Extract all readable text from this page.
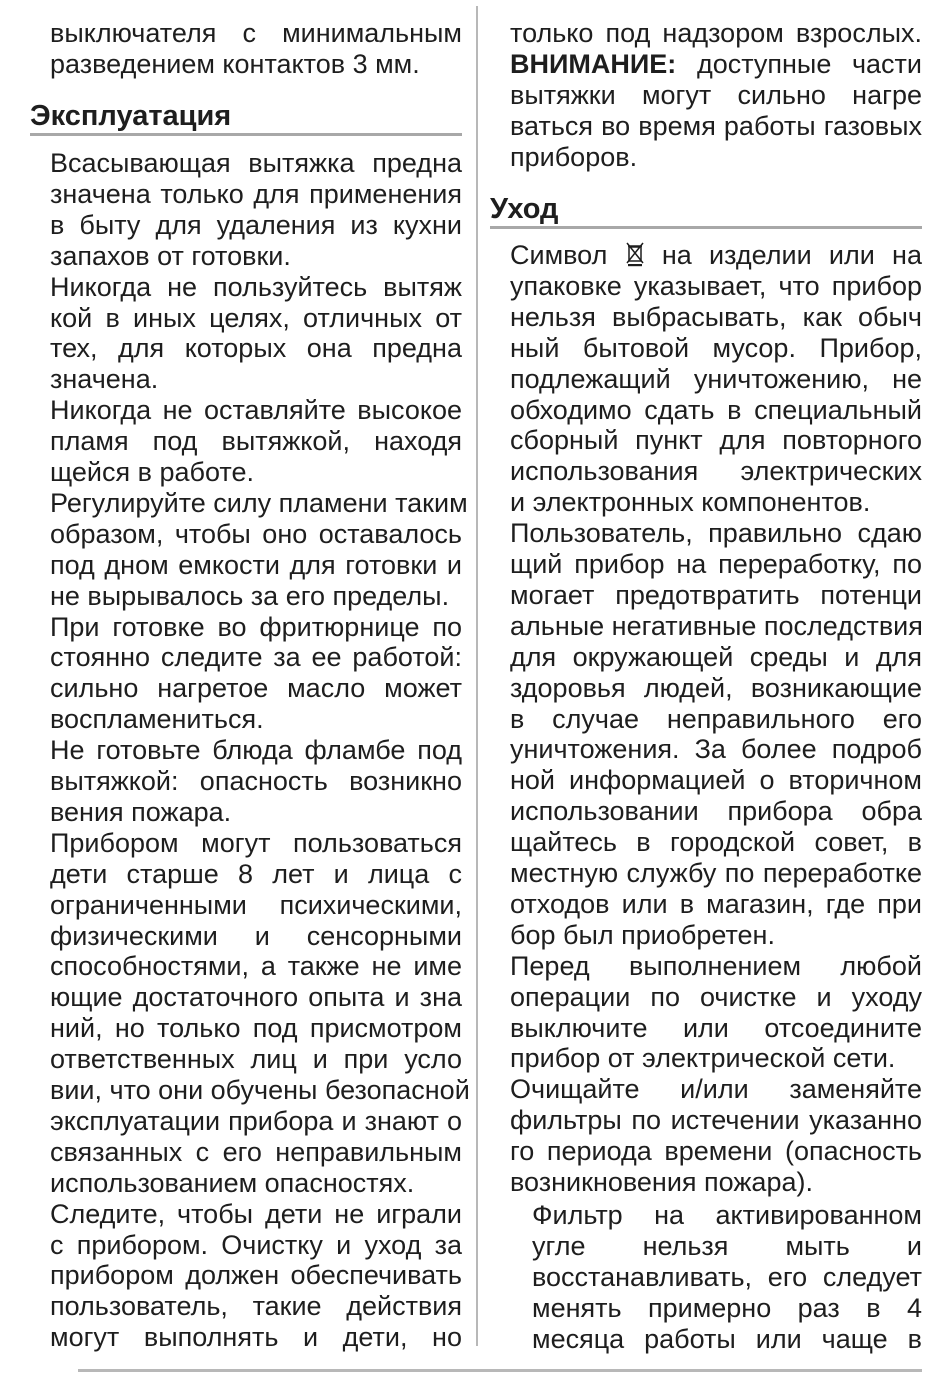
выключателя с минимальным
разведением контактов 3 мм.
Эксплуатация
Всасывающая вытяжка предна
значена только для применения
в быту для удаления из кухни
запахов от готовки.
Никогда не пользуйтесь вытяж
кой в иных целях, отличных от
тех, для которых она предна
значена.
Никогда не оставляйте высокое
пламя под вытяжкой, находя
щейся в работе.
Регулируйте силу пламени таким
образом, чтобы оно оставалось
под дном емкости для готовки и
не вырывалось за его пределы.
При готовке во фритюрнице по
стоянно следите за ее работой:
сильно нагретое масло может
воспламениться.
Не готовьте блюда фламбе под
вытяжкой: опасность возникно
вения пожара.
Прибором могут пользоваться
дети старше 8 лет и лица с
ограниченными психическими,
физическими и сенсорными
способностями, а также не име
ющие достаточного опыта и зна
ний, но только под присмотром
ответственных лиц и при усло
вии, что они обучены безопасной
эксплуатации прибора и знают о
связанных с его неправильным
использованием опасностях.
Следите, чтобы дети не играли
с прибором. Очистку и уход за
прибором должен обеспечивать
пользователь, такие действия
могут выполнять и дети, но
только под надзором взрослых.
ВНИМАНИЕ: доступные части
вытяжки могут сильно нагре
ваться во время работы газовых
приборов.
Уход
Символ  на изделии или на
упаковке указывает, что прибор
нельзя выбрасывать, как обыч
ный бытовой мусор. Прибор,
подлежащий уничтожению, не
обходимо сдать в специальный
сборный пункт для повторного
использования электрических
и электронных компонентов.
Пользователь, правильно сдаю
щий прибор на переработку, по
могает предотвратить потенци
альные негативные последствия
для окружающей среды и для
здоровья людей, возникающие
в случае неправильного его
уничтожения. За более подроб
ной информацией о вторичном
использовании прибора обра
щайтесь в городской совет, в
местную службу по переработке
отходов или в магазин, где при
бор был приобретен.
Перед выполнением любой
операции по очистке и уходу
выключите или отсоедините
прибор от электрической сети.
Очищайте и/или заменяйте
фильтры по истечении указанно
го периода времени (опасность
возникновения пожара).
Фильтр на активированном
угле нельзя мыть и
восстанавливать, его следует
менять примерно раз в 4
месяца работы или чаще в
